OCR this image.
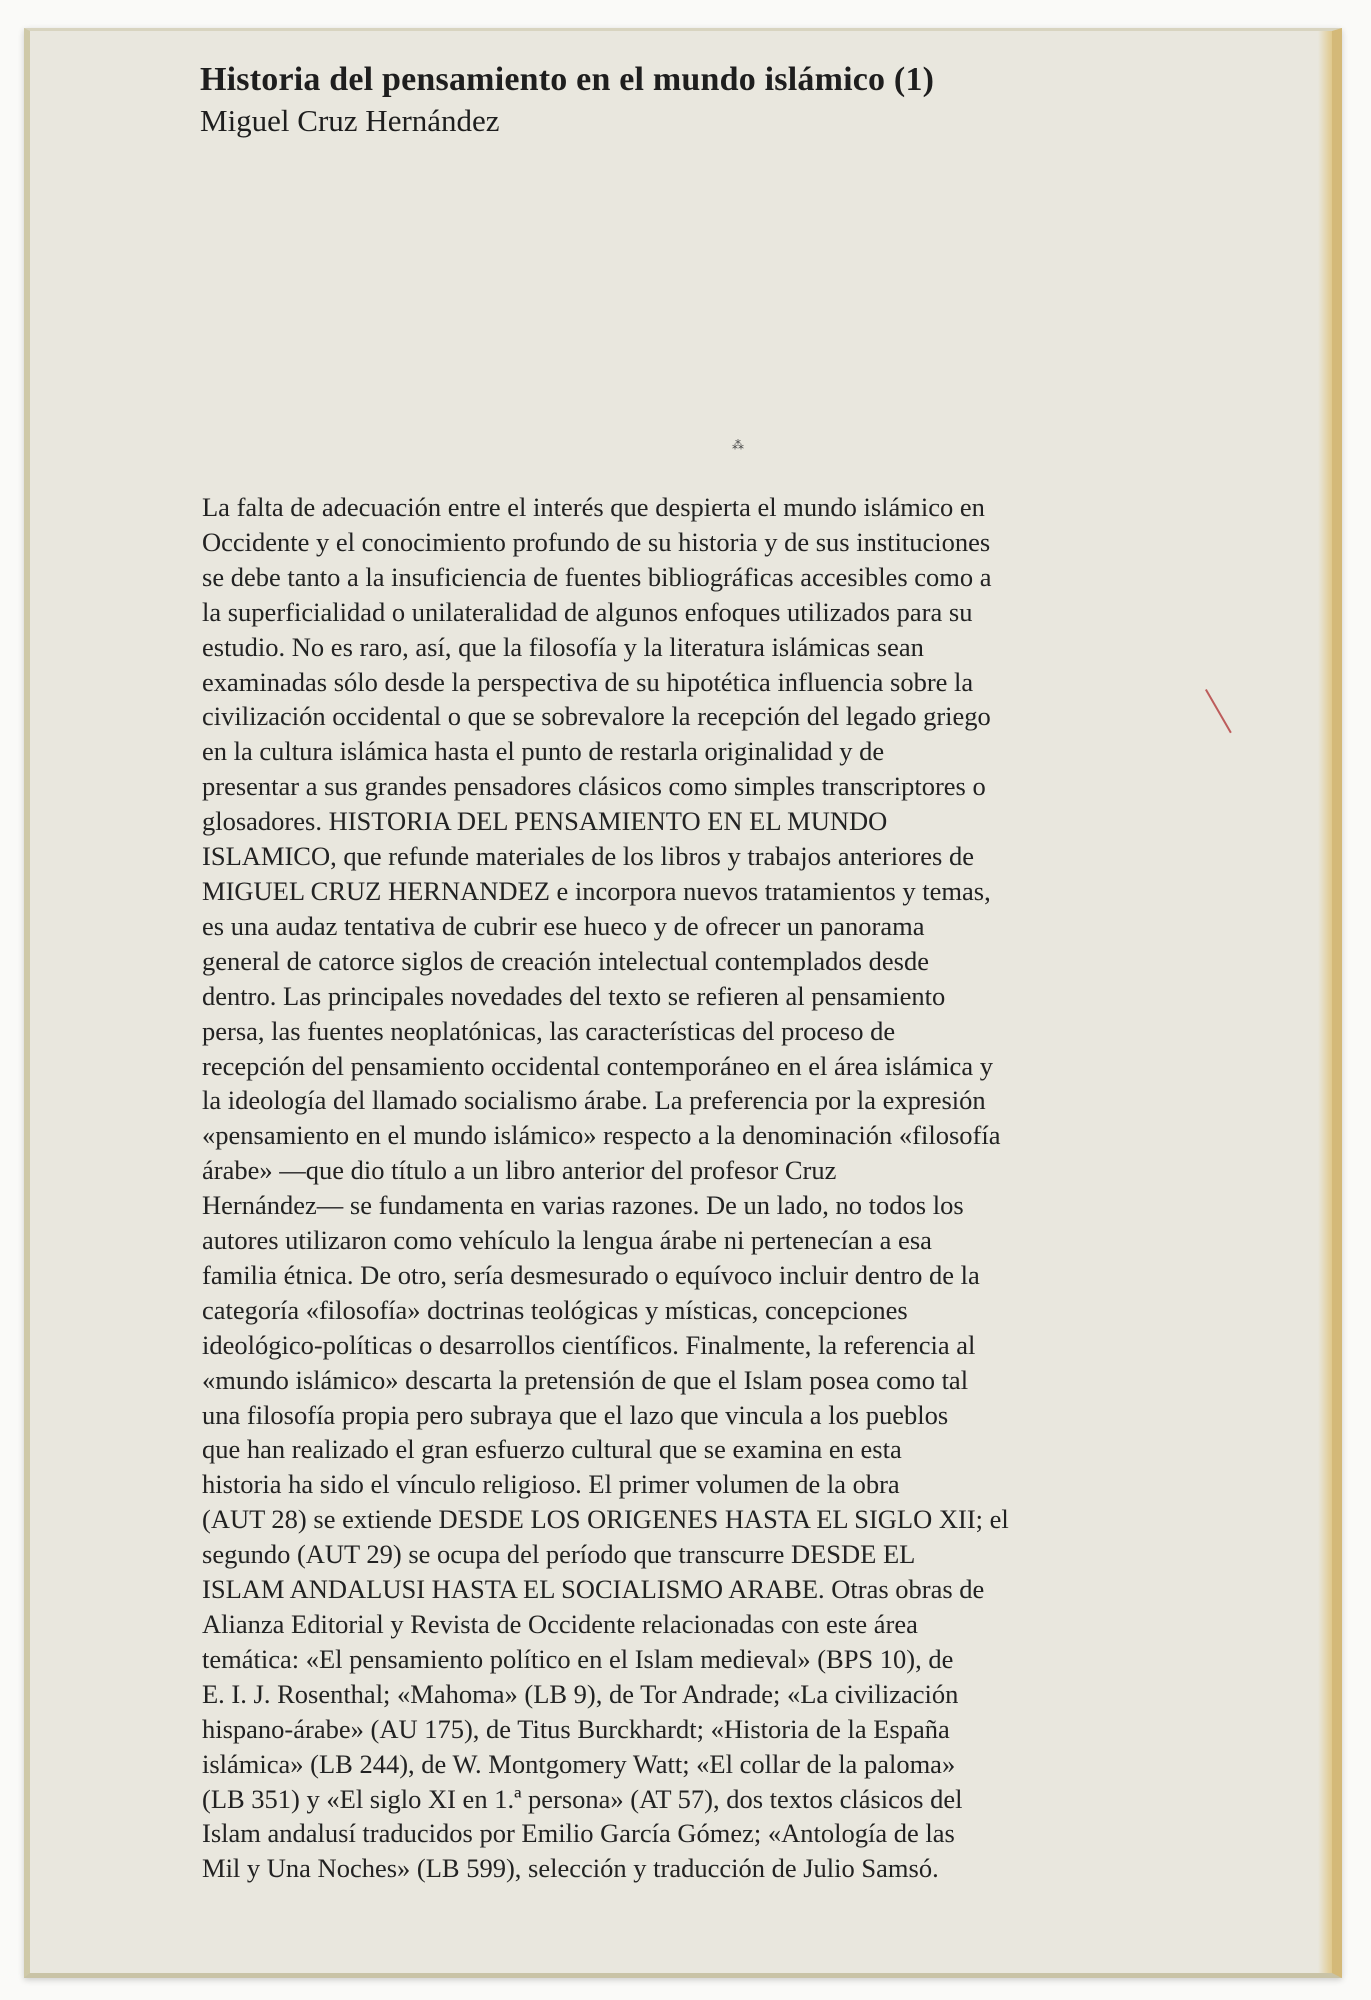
Historia del pensamiento en el mundo islámico (1)
Miguel Cruz Hernández
⁂
La falta de adecuación entre el interés que despierta el mundo islámico en
Occidente y el conocimiento profundo de su historia y de sus instituciones
se debe tanto a la insuficiencia de fuentes bibliográficas accesibles como a
la superficialidad o unilateralidad de algunos enfoques utilizados para su
estudio. No es raro, así, que la filosofía y la literatura islámicas sean
examinadas sólo desde la perspectiva de su hipotética influencia sobre la
civilización occidental o que se sobrevalore la recepción del legado griego
en la cultura islámica hasta el punto de restarla originalidad y de
presentar a sus grandes pensadores clásicos como simples transcriptores o
glosadores. HISTORIA DEL PENSAMIENTO EN EL MUNDO
ISLAMICO, que refunde materiales de los libros y trabajos anteriores de
MIGUEL CRUZ HERNANDEZ e incorpora nuevos tratamientos y temas,
es una audaz tentativa de cubrir ese hueco y de ofrecer un panorama
general de catorce siglos de creación intelectual contemplados desde
dentro. Las principales novedades del texto se refieren al pensamiento
persa, las fuentes neoplatónicas, las características del proceso de
recepción del pensamiento occidental contemporáneo en el área islámica y
la ideología del llamado socialismo árabe. La preferencia por la expresión
«pensamiento en el mundo islámico» respecto a la denominación «filosofía
árabe» —que dio título a un libro anterior del profesor Cruz
Hernández— se fundamenta en varias razones. De un lado, no todos los
autores utilizaron como vehículo la lengua árabe ni pertenecían a esa
familia étnica. De otro, sería desmesurado o equívoco incluir dentro de la
categoría «filosofía» doctrinas teológicas y místicas, concepciones
ideológico-políticas o desarrollos científicos. Finalmente, la referencia al
«mundo islámico» descarta la pretensión de que el Islam posea como tal
una filosofía propia pero subraya que el lazo que vincula a los pueblos
que han realizado el gran esfuerzo cultural que se examina en esta
historia ha sido el vínculo religioso. El primer volumen de la obra
(AUT 28) se extiende DESDE LOS ORIGENES HASTA EL SIGLO XII; el
segundo (AUT 29) se ocupa del período que transcurre DESDE EL
ISLAM ANDALUSI HASTA EL SOCIALISMO ARABE. Otras obras de
Alianza Editorial y Revista de Occidente relacionadas con este área
temática: «El pensamiento político en el Islam medieval» (BPS 10), de
E. I. J. Rosenthal; «Mahoma» (LB 9), de Tor Andrade; «La civilización
hispano-árabe» (AU 175), de Titus Burckhardt; «Historia de la España
islámica» (LB 244), de W. Montgomery Watt; «El collar de la paloma»
(LB 351) y «El siglo XI en 1.ª persona» (AT 57), dos textos clásicos del
Islam andalusí traducidos por Emilio García Gómez; «Antología de las
Mil y Una Noches» (LB 599), selección y traducción de Julio Samsó.
